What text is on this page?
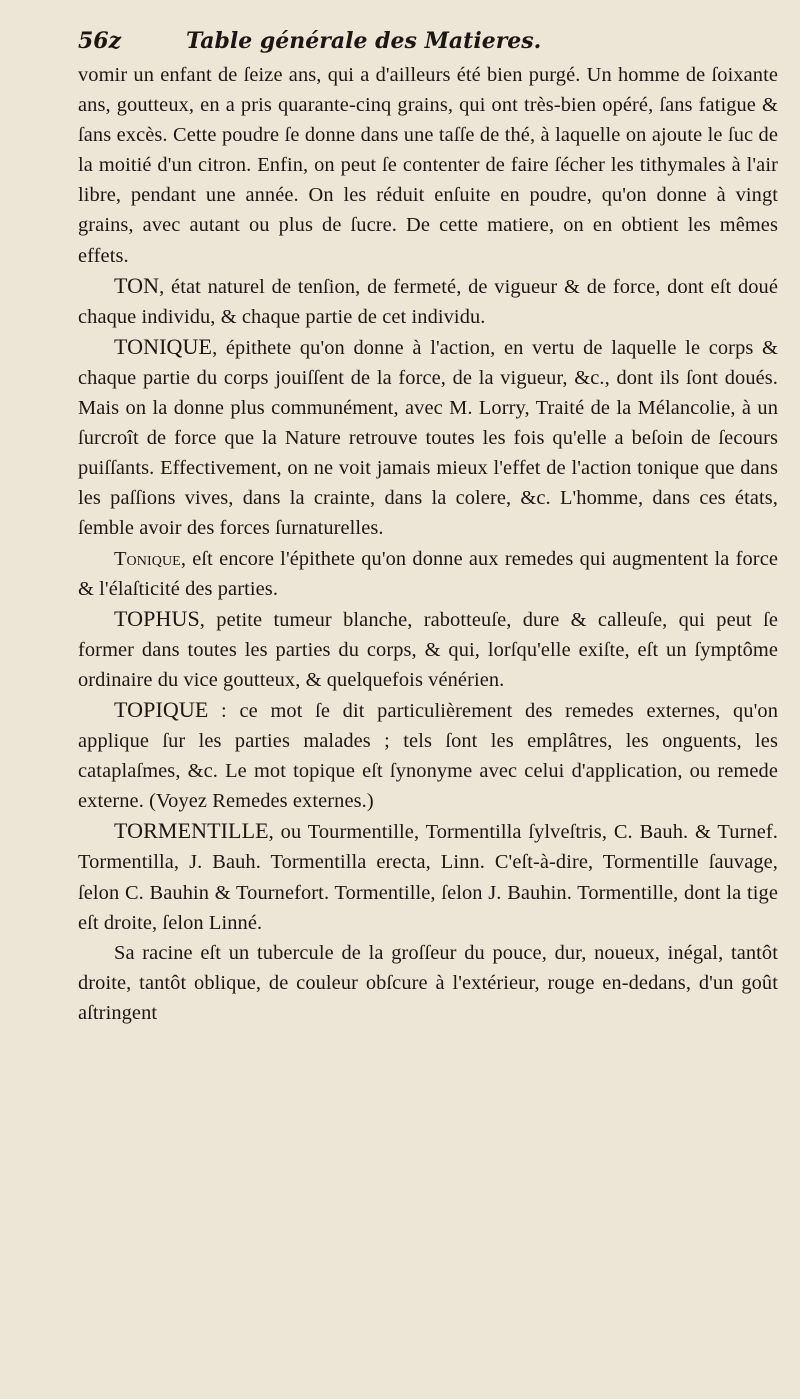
56z	Table générale des Matieres.

vomir un enfant de ſeize ans, qui a d'ailleurs été bien purgé. Un homme de ſoixante ans, goutteux, en a pris quarante-cinq grains, qui ont très-bien opéré, ſans fatigue & ſans excès. Cette poudre ſe donne dans une taſſe de thé, à laquelle on ajoute le ſuc de la moitié d'un citron. Enfin, on peut ſe contenter de faire ſécher les tithymales à l'air libre, pendant une année. On les réduit enſuite en poudre, qu'on donne à vingt grains, avec autant ou plus de ſucre. De cette matiere, on en obtient les mêmes effets.

TON, état naturel de tenſion, de fermeté, de vigueur & de force, dont eſt doué chaque individu, & chaque partie de cet individu.

TONIQUE, épithete qu'on donne à l'action, en vertu de laquelle le corps & chaque partie du corps jouiſſent de la force, de la vigueur, &c., dont ils ſont doués. Mais on la donne plus communément, avec M. Lorry, Traité de la Mélancolie, à un ſurcroît de force que la Nature retrouve toutes les fois qu'elle a beſoin de ſecours puiſſants. Effectivement, on ne voit jamais mieux l'effet de l'action tonique que dans les paſſions vives, dans la crainte, dans la colere, &c. L'homme, dans ces états, ſemble avoir des forces ſurnaturelles.

Tonique, eſt encore l'épithete qu'on donne aux remedes qui augmentent la force & l'élaſticité des parties.

TOPHUS, petite tumeur blanche, rabotteuſe, dure & calleuſe, qui peut ſe former dans toutes les parties du corps, & qui, lorſqu'elle exiſte, eſt un ſymptôme ordinaire du vice goutteux, & quelquefois vénérien.

TOPIQUE : ce mot ſe dit particulièrement des remedes externes, qu'on applique ſur les parties malades ; tels ſont les emplâtres, les onguents, les cataplaſmes, &c. Le mot topique eſt ſynonyme avec celui d'application, ou remede externe. (Voyez Remedes externes.)

TORMENTILLE, ou Tourmentille, Tormentilla ſylveſtris, C. Bauh. & Turnef. Tormentilla, J. Bauh. Tormentilla erecta, Linn. C'eſt-à-dire, Tormentille ſauvage, ſelon C. Bauhin & Tournefort. Tormentille, ſelon J. Bauhin. Tormentille, dont la tige eſt droite, ſelon Linné.

Sa racine eſt un tubercule de la groſſeur du pouce, dur, noueux, inégal, tantôt droite, tantôt oblique, de couleur obſcure à l'extérieur, rouge en-dedans, d'un goût aſtringent
